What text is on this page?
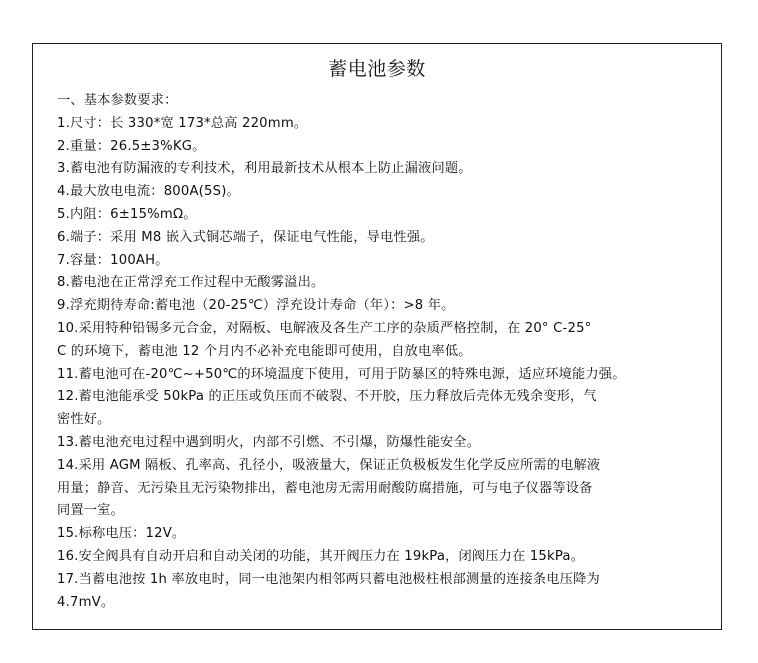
蓄电池参数
一、基本参数要求：
1.尺寸：长 330*宽 173*总高 220mm。
2.重量：26.5±3%KG。
3.蓄电池有防漏液的专利技术，利用最新技术从根本上防止漏液问题。
4.最大放电电流：800A(5S)。
5.内阻：6±15%mΩ。
6.端子：采用 M8 嵌入式铜芯端子，保证电气性能，导电性强。
7.容量：100AH。
8.蓄电池在正常浮充工作过程中无酸雾溢出。
9.浮充期待寿命:蓄电池（20-25℃）浮充设计寿命（年）：>8 年。
10.采用特种铅锡多元合金，对隔板、电解液及各生产工序的杂质严格控制，在 20° C-25°
C 的环境下，蓄电池 12 个月内不必补充电能即可使用，自放电率低。
11.蓄电池可在-20℃~+50℃的环境温度下使用，可用于防暴区的特殊电源，适应环境能力强。
12.蓄电池能承受 50kPa 的正压或负压而不破裂、不开胶，压力释放后壳体无残余变形，气
密性好。
13.蓄电池充电过程中遇到明火，内部不引燃、不引爆，防爆性能安全。
14.采用 AGM 隔板、孔率高、孔径小，吸液量大，保证正负极板发生化学反应所需的电解液
用量；静音、无污染且无污染物排出，蓄电池房无需用耐酸防腐措施，可与电子仪器等设备
同置一室。
15.标称电压：12V。
16.安全阀具有自动开启和自动关闭的功能，其开阀压力在 19kPa，闭阀压力在 15kPa。
17.当蓄电池按 1h 率放电时，同一电池架内相邻两只蓄电池极柱根部测量的连接条电压降为
4.7mV。
